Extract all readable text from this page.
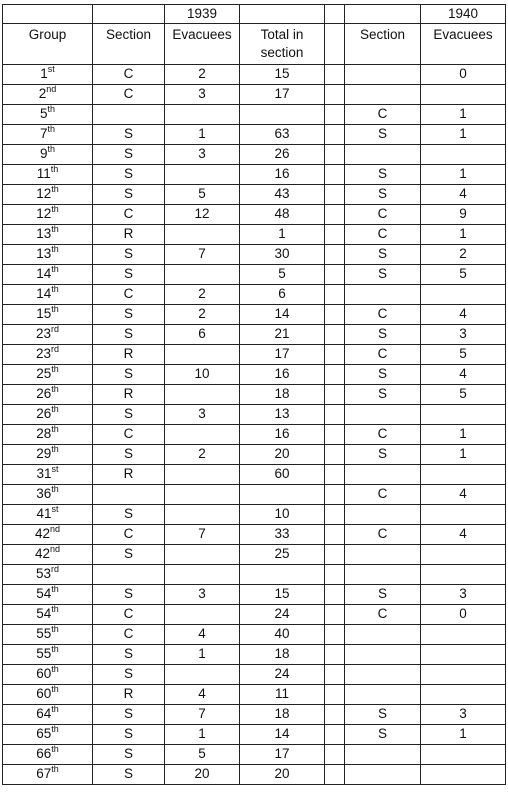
		1939				1940
Group	Section	Evacuees	Total in section		Section	Evacuees
1st	C	2	15			0
2nd	C	3	17			
5th					C	1
7th	S	1	63		S	1
9th	S	3	26			
11th	S		16		S	1
12th	S	5	43		S	4
12th	C	12	48		C	9
13th	R		1		C	1
13th	S	7	30		S	2
14th	S		5		S	5
14th	C	2	6			
15th	S	2	14		C	4
23rd	S	6	21		S	3
23rd	R		17		C	5
25th	S	10	16		S	4
26th	R		18		S	5
26th	S	3	13			
28th	C		16		C	1
29th	S	2	20		S	1
31st	R		60			
36th					C	4
41st	S		10			
42nd	C	7	33		C	4
42nd	S		25			
53rd						
54th	S	3	15		S	3
54th	C		24		C	0
55th	C	4	40			
55th	S	1	18			
60th	S		24			
60th	R	4	11			
64th	S	7	18		S	3
65th	S	1	14		S	1
66th	S	5	17			
67th	S	20	20			
